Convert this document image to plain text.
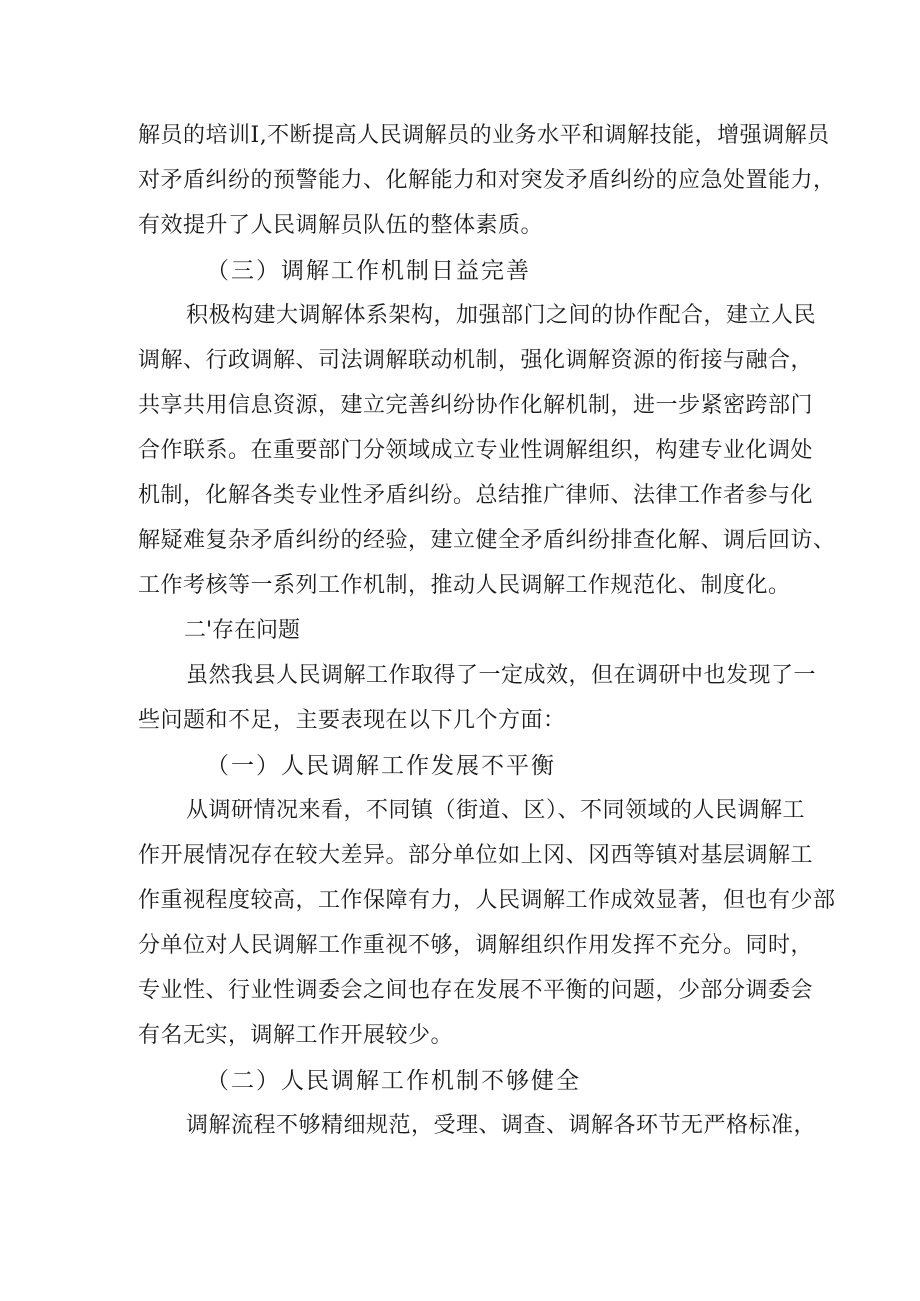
解员的培训I,不断提高人民调解员的业务水平和调解技能，增强调解员
对矛盾纠纷的预警能力、化解能力和对突发矛盾纠纷的应急处置能力，
有效提升了人民调解员队伍的整体素质。
（三）调解工作机制日益完善
积极构建大调解体系架构，加强部门之间的协作配合，建立人民
调解、行政调解、司法调解联动机制，强化调解资源的衔接与融合，
共享共用信息资源，建立完善纠纷协作化解机制，进一步紧密跨部门
合作联系。在重要部门分领域成立专业性调解组织，构建专业化调处
机制，化解各类专业性矛盾纠纷。总结推广律师、法律工作者参与化
解疑难复杂矛盾纠纷的经验，建立健全矛盾纠纷排查化解、调后回访、
工作考核等一系列工作机制，推动人民调解工作规范化、制度化。
二'存在问题
虽然我县人民调解工作取得了一定成效，但在调研中也发现了一
些问题和不足，主要表现在以下几个方面：
（一）人民调解工作发展不平衡
从调研情况来看，不同镇（街道、区）、不同领域的人民调解工
作开展情况存在较大差异。部分单位如上冈、冈西等镇对基层调解工
作重视程度较高，工作保障有力，人民调解工作成效显著，但也有少部
分单位对人民调解工作重视不够，调解组织作用发挥不充分。同时，
专业性、行业性调委会之间也存在发展不平衡的问题，少部分调委会
有名无实，调解工作开展较少。
（二）人民调解工作机制不够健全
调解流程不够精细规范，受理、调查、调解各环节无严格标准，
